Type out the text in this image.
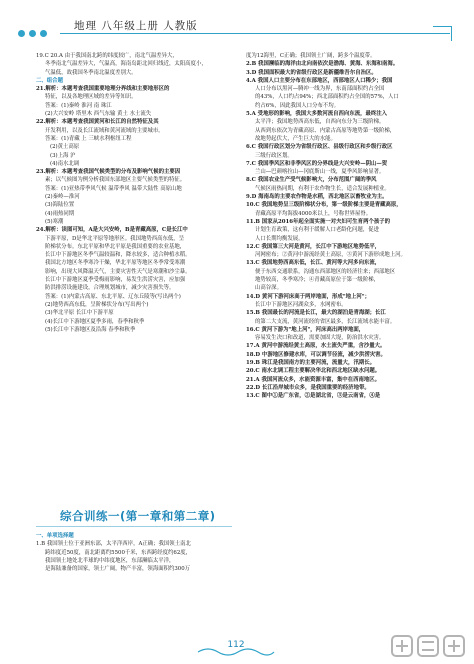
地理 八年级上册 人教版
19.C 20.A 由于我国南北跨的纬度较广，南北气温差异大，
冬季南北气温差异大，气温高，海南岛距北回归线近，太阳高度小，
气温低，故我国冬季南北温度差别大。
二、组合题
21.解析：本题考查我国重要地理分界线和主要地形区的
特征，以及各地理区域的差异等知识。
答案：(1)秦岭 淮河 南 珠江
(2)大兴安岭 塔里木 西气东输 黄土 水土流失
22.解析：本题考查我国黄河和长江的自然特征及其
开发利用，以及长江流域和黄河流域的主要城市。
答案：(1)青藏 上 三峡水利枢纽工程
(2)黄土高原
(3)上海 沪
(4)南水北调
23.解析：本题考查我国气候类型的分布及影响气候的主要因
素；以气候图为例分析我国东部地区主要气候类型的特征。
答案：(1)亚热带季风气候 温带季风 温带大陆性 高原山地
(2)秦岭—淮河
(3)海陆位置
(4)雨热同期
(5)寒潮
24.解析：读图可知，A是大兴安岭，B是青藏高原，C是长江中
下游平原，D是华北平原等地形区。我国地势西高东低，呈
阶梯状分布。东北平原和华北平原是我国重要的农业基地，
长江中下游地区冬季气温较温和，降水较多，适合种植水稻。
我国北方地区冬季寒冷干燥，华北平原等地区冬季常受寒潮
影响，出现大风降温天气，主要灾害性天气是寒潮和沙尘暴。
长江中下游地区夏季受梅雨影响，易发生洪涝灾害，应加强
防洪排涝设施建设，合理规划城市，减少灾害损失等。
答案：(1)内蒙古高原、东北平原、辽东丘陵等(写出两个)
(2)地势西高东低，呈阶梯状分布(写出两个)
(3)华北平原 长江中下游平原
(4)长江中下游地区夏季多雨，春季和秋季
(5)长江中下游地区及沿海 春季和秋季
综合训练一(第一章和第二章)
一、单项选择题
1.B 我国领土位于亚洲东部，太平洋西岸，A正确；我国领土南北
跨纬度近50度，南北距离约5500千米，东西跨经度约62度，
我国领土地处北半球的中纬度地区，东部濒临太平洋，
是海陆兼备的国家，领土广阔，物产丰富，领海面积约300万
度为12海里，C正确；我国领土广阔，跨多个温度带。
2.B 我国濒临的海洋由北向南依次是渤海、黄海、东海和南海。
3.D 我国面积最大的省级行政区是新疆维吾尔自治区。
4.A 我国人口主要分布在东部地区，西部地区人口稀少；我国
人口分布以黑河—腾冲一线为界，东南部面积约占全国
的43%，人口约占94%；西北部面积约占全国的57%，人口
约占6%，因此我国人口分布不均。
5.A 受地形的影响，我国大多数河流自西向东流，最终注入
太平洋；我国地势西高东低，自西向东分为三级阶梯。
从西到东依次为青藏高原、内蒙古高原等地势第一级阶梯，
故地势起伏大，产生巨大的水能。
6.C 我国行政区划分为省级行政区、县级行政区和乡级行政区
三级行政区划。
7.C 我国季风区和非季风区的分界线是大兴安岭—阴山—贺
兰山—巴颜喀拉山—冈底斯山一线，夏季风影响显著。
8.C 我国农业生产受气候影响大，分布范围广阔的季风
气候区雨热同期，有利于农作物生长，适合发展种植业。
9.D 海南岛的主要农作物是水稻，西北地区以畜牧业为主。
10.C 我国地势呈三级阶梯状分布，第一级阶梯主要是青藏高原，
青藏高原平均海拔4000米以上，号称世界屋脊。
11.B 国家从2016年起全面实施一对夫妇可生育两个孩子的
计划生育政策，这有利于缓解人口老龄化问题，促进
人口长期均衡发展。
12.C 我国第三大河是黄河，长江中下游地区地势低平，
河网密布；②黄河中游流经黄土高原，③黄河下游形成地上河。
13.C 我国地势西高东低，长江、黄河等大河多向东流，
便于东西交通联系，沟通东西部地区的经济往来；西部地区
地势较高，冬季寒冷；④青藏高原位于第一级阶梯，
山高谷深。
14.D 黄河下游河床高于两岸地面，形成"地上河"；
长江中下游地区河湖众多，水网密布。
15.B 我国最长的河流是长江，最大的湖泊是青海湖；长江
的第二大支流，黄河流经的省区最多，长江流域水能丰富。
16.C 黄河下游为"地上河"，河床高出两岸地面，
容易发生决口和改道，需要加固大堤，防治洪水灾害。
17.A 黄河中游流经黄土高原，水土流失严重，含沙量大。
18.D 中游地区修建水库，可以调节径流，减少洪涝灾害。
19.B 珠江是我国南方的主要河流，流量大，汛期长。
20.C 南水北调工程主要解决华北和西北地区缺水问题。
21.A 我国河流众多，水能资源丰富，集中在西南地区。
22.D 长江沿岸城市众多，是我国重要的经济地带。
13.C 图中①是广东省，②是湖北省，③是云南省，④是
112
